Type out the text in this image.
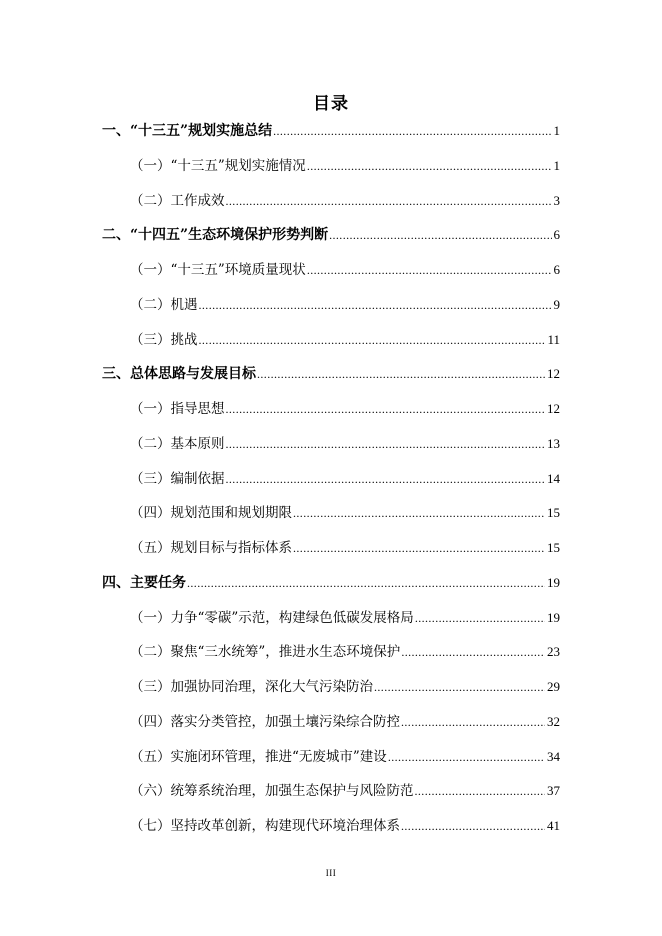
目录
一、“十三五”规划实施总结 .....	1
（一）“十三五”规划实施情况 .....	1
（二）工作成效 .....	3
二、“十四五”生态环境保护形势判断 .....	6
（一）“十三五”环境质量现状 .....	6
（二）机遇 .....	9
（三）挑战 .....	11
三、总体思路与发展目标 .....	12
（一）指导思想 .....	12
（二）基本原则 .....	13
（三）编制依据 .....	14
（四）规划范围和规划期限 .....	15
（五）规划目标与指标体系 .....	15
四、主要任务 .....	19
（一）力争“零碳”示范，构建绿色低碳发展格局 .....	19
（二）聚焦“三水统筹”，推进水生态环境保护 .....	23
（三）加强协同治理，深化大气污染防治 .....	29
（四）落实分类管控，加强土壤污染综合防控 .....	32
（五）实施闭环管理，推进“无废城市”建设 .....	34
（六）统筹系统治理，加强生态保护与风险防范 .....	37
（七）坚持改革创新，构建现代环境治理体系 .....	41
III
